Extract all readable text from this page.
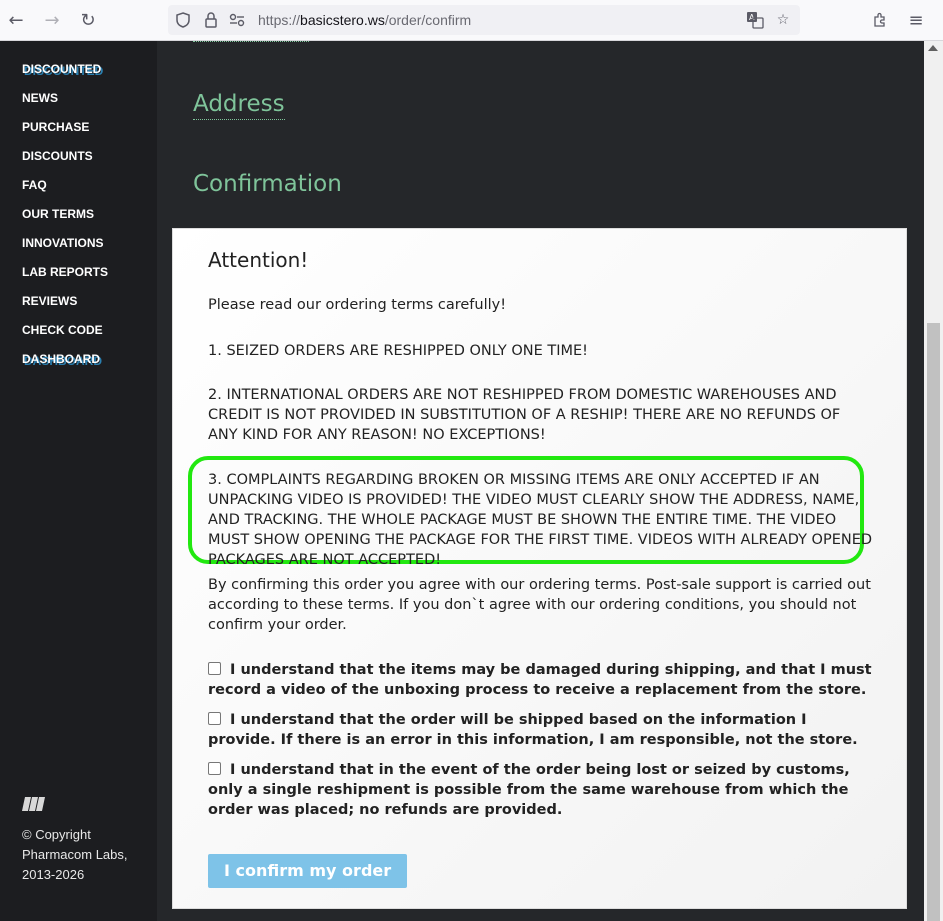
← → ↻	https://basicstero.ws/order/confirm	A ☆	≡
DISCOUNTED
NEWS
PURCHASE
DISCOUNTS
FAQ
OUR TERMS
INNOVATIONS
LAB REPORTS
REVIEWS
CHECK CODE
DASHBOARD
© Copyright
Pharmacom Labs,
2013-2026
Address
Confirmation
Attention!
Please read our ordering terms carefully!
1. SEIZED ORDERS ARE RESHIPPED ONLY ONE TIME!
2. INTERNATIONAL ORDERS ARE NOT RESHIPPED FROM DOMESTIC WAREHOUSES AND CREDIT IS NOT PROVIDED IN SUBSTITUTION OF A RESHIP! THERE ARE NO REFUNDS OF ANY KIND FOR ANY REASON! NO EXCEPTIONS!
3. COMPLAINTS REGARDING BROKEN OR MISSING ITEMS ARE ONLY ACCEPTED IF AN UNPACKING VIDEO IS PROVIDED! THE VIDEO MUST CLEARLY SHOW THE ADDRESS, NAME, AND TRACKING. THE WHOLE PACKAGE MUST BE SHOWN THE ENTIRE TIME. THE VIDEO MUST SHOW OPENING THE PACKAGE FOR THE FIRST TIME. VIDEOS WITH ALREADY OPENED PACKAGES ARE NOT ACCEPTED!
By confirming this order you agree with our ordering terms. Post-sale support is carried out according to these terms. If you don`t agree with our ordering conditions, you should not confirm your order.
I understand that the items may be damaged during shipping, and that I must record a video of the unboxing process to receive a replacement from the store.
I understand that the order will be shipped based on the information I provide. If there is an error in this information, I am responsible, not the store.
I understand that in the event of the order being lost or seized by customs, only a single reshipment is possible from the same warehouse from which the order was placed; no refunds are provided.
I confirm my order
